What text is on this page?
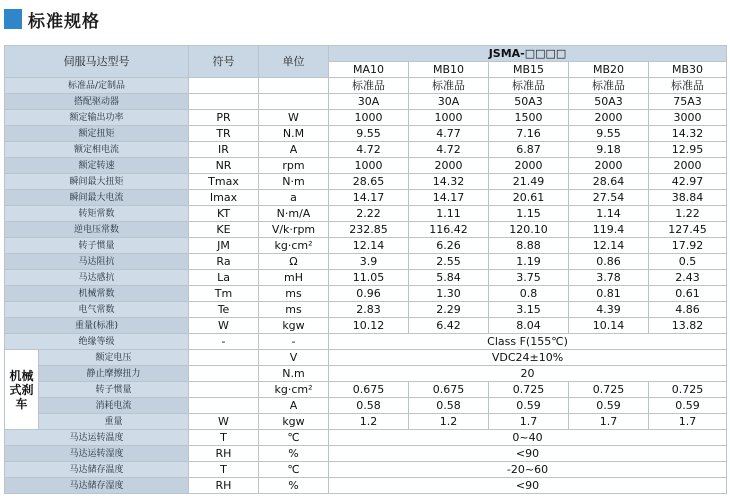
标准规格
伺服马达型号		符号	单位	JSMA-□□□□				
				MA10	MB10	MB15	MB20	MB30
标准品/定制品				标准品	标准品	标准品	标准品	标准品
搭配驱动器				30A	30A	50A3	50A3	75A3
额定输出功率		PR	W	1000	1000	1500	2000	3000
额定扭矩		TR	N.M	9.55	4.77	7.16	9.55	14.32
额定相电流		IR	A	4.72	4.72	6.87	9.18	12.95
额定转速		NR	rpm	1000	2000	2000	2000	2000
瞬间最大扭矩		Tmax	N·m	28.65	14.32	21.49	28.64	42.97
瞬间最大电流		Imax	a	14.17	14.17	20.61	27.54	38.84
转矩常数		KT	N·m/A	2.22	1.11	1.15	1.14	1.22
逆电压常数		KE	V/k·rpm	232.85	116.42	120.10	119.4	127.45
转子惯量		JM	kg·cm²	12.14	6.26	8.88	12.14	17.92
马达阻抗		Ra	Ω	3.9	2.55	1.19	0.86	0.5
马达感抗		La	mH	11.05	5.84	3.75	3.78	2.43
机械常数		Tm	ms	0.96	1.30	0.8	0.81	0.61
电气常数		Te	ms	2.83	2.29	3.15	4.39	4.86
重量(标准)		W	kgw	10.12	6.42	8.04	10.14	13.82
绝缘等级		-	-	Class F(155℃)				
机械式刹车	额定电压		V	VDC24±10%				
	静止摩擦扭力		N.m	20				
	转子惯量		kg·cm²	0.675	0.675	0.725	0.725	0.725
	消耗电流		A	0.58	0.58	0.59	0.59	0.59
	重量	W	kgw	1.2	1.2	1.7	1.7	1.7
马达运转温度		T	℃	0~40				
马达运转湿度		RH	%	<90				
马达储存温度		T	℃	-20~60				
马达储存湿度		RH	%	<90				
